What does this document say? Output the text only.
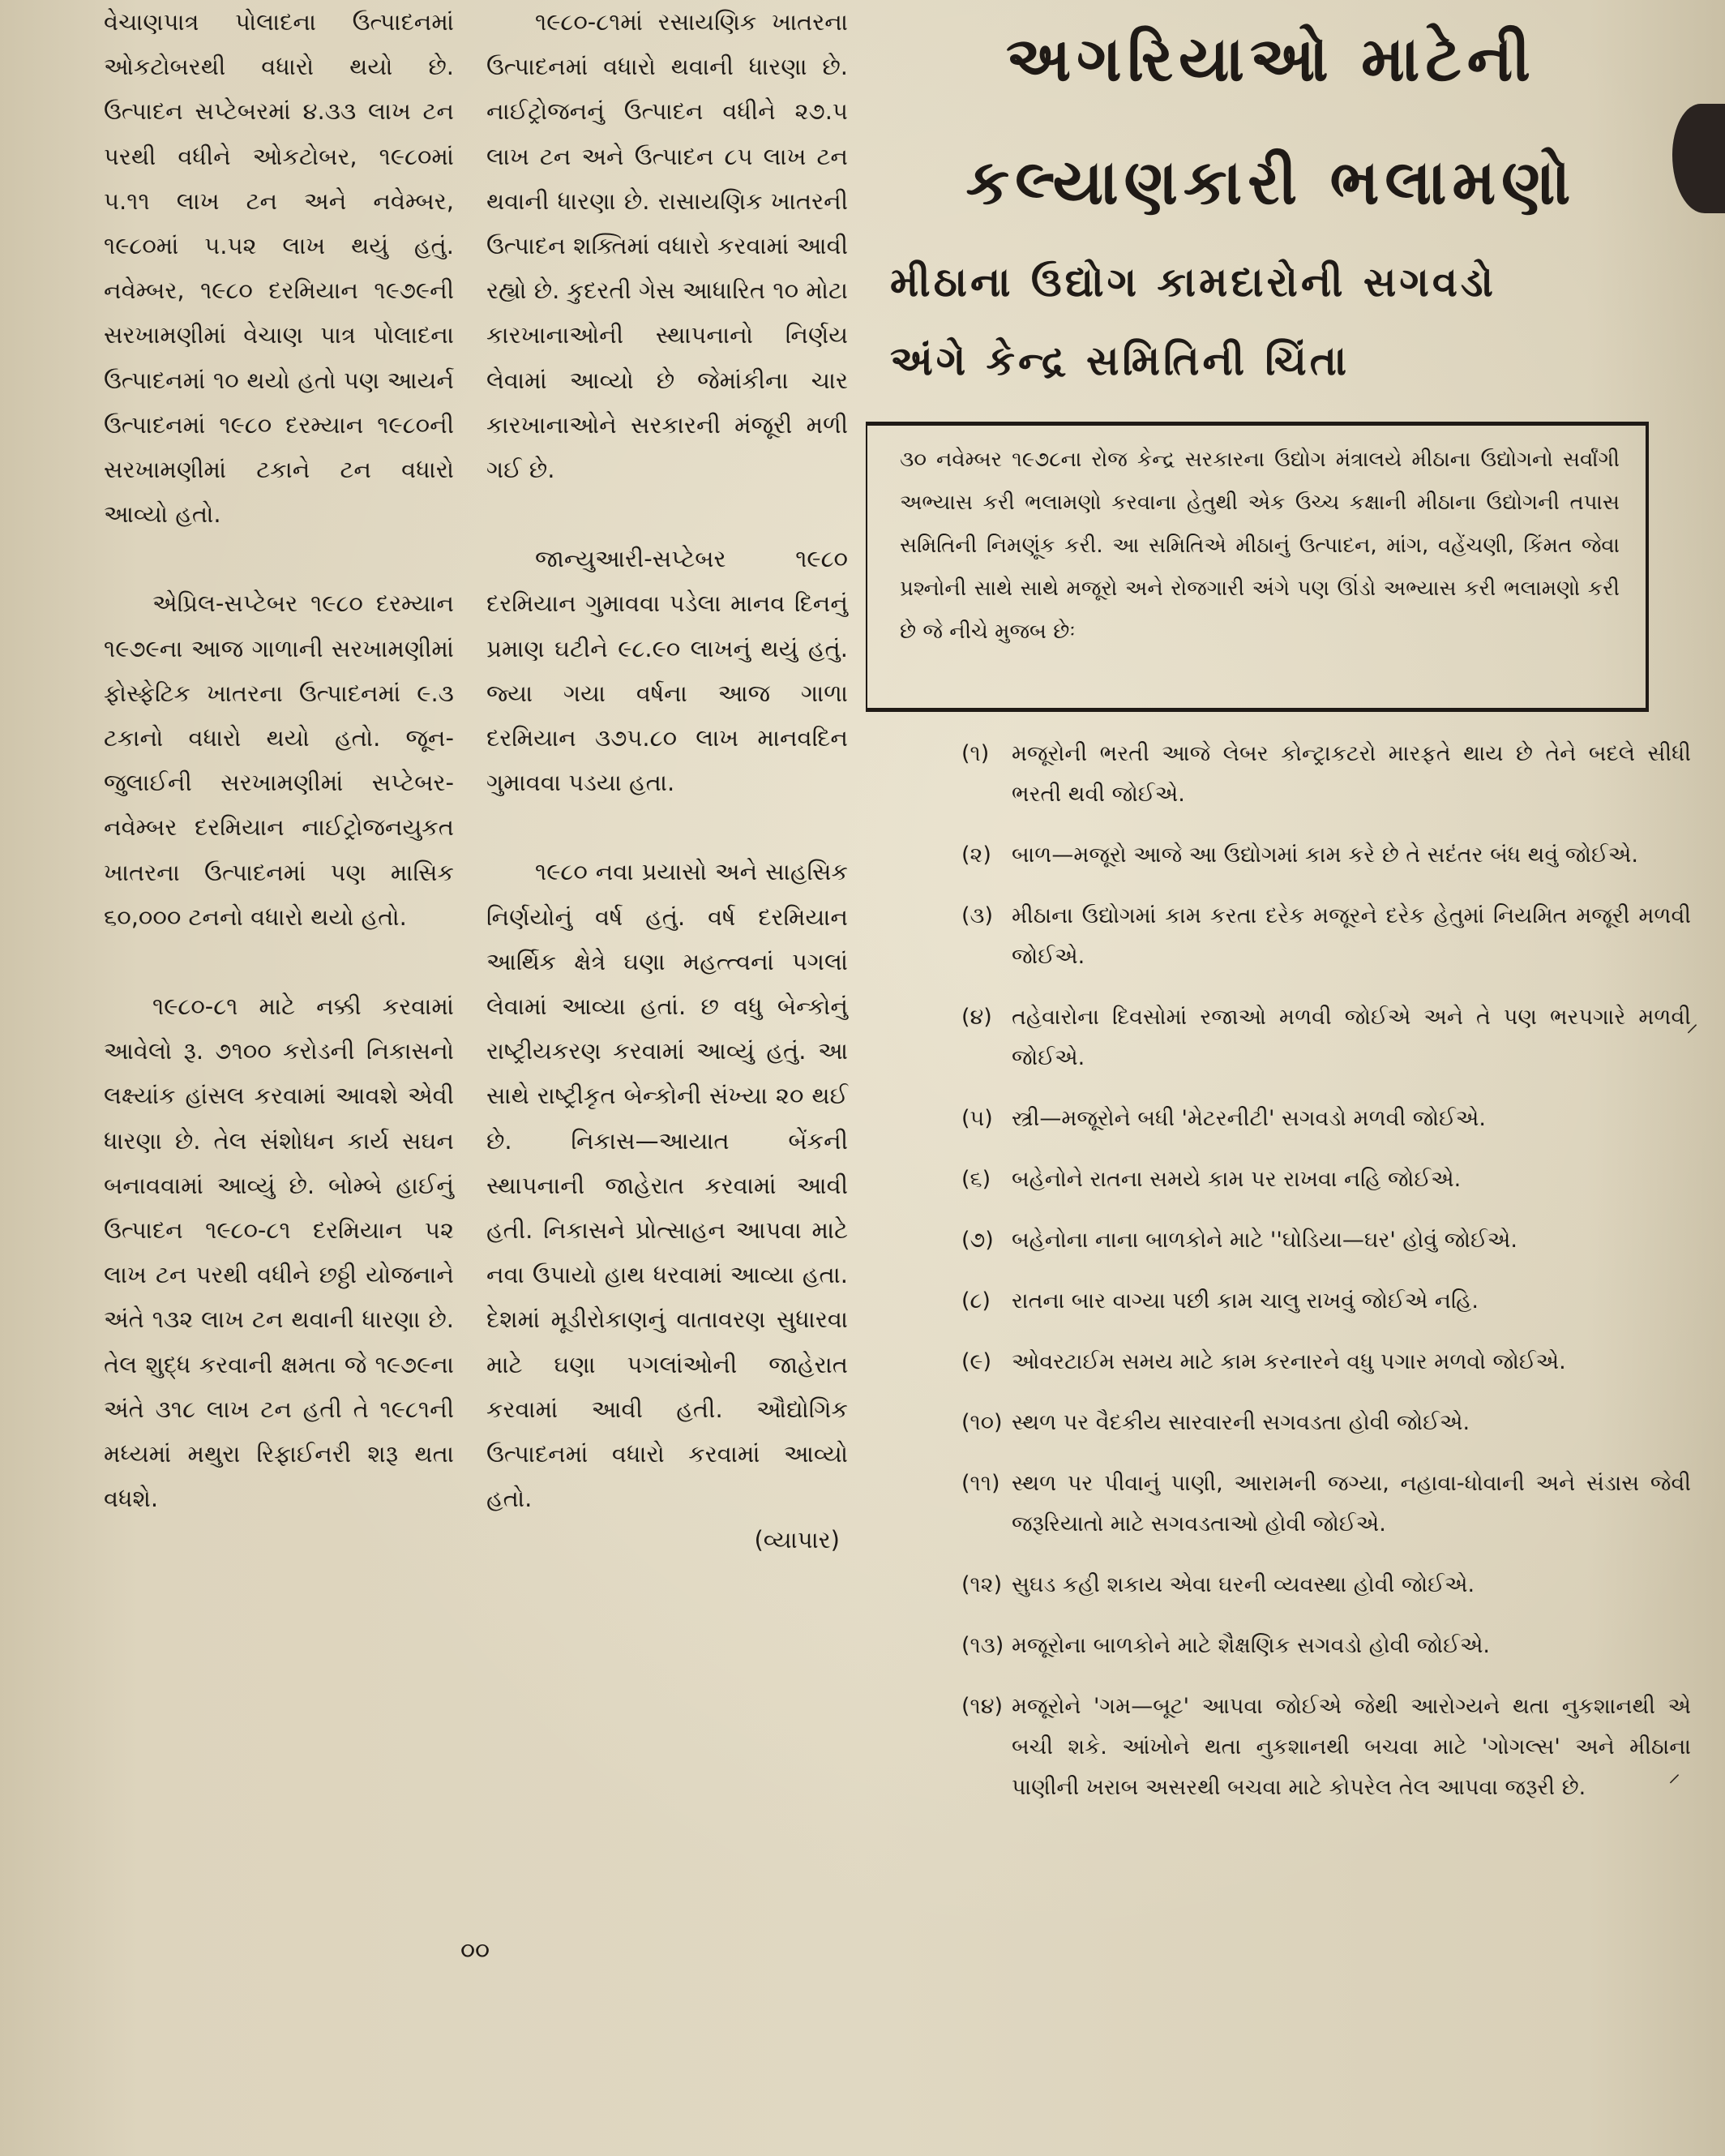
વેચાણપાત્ર પોલાદના ઉત્પાદનમાં ઓકટોબરથી વધારો થયો છે. ઉત્પાદન સપ્ટેબરમાં ૪.૩૩ લાખ ટન પરથી વધીને ઓકટોબર, ૧૯૮૦માં ૫.૧૧ લાખ ટન અને નવેમ્બર, ૧૯૮૦માં ૫.૫૨ લાખ થયું હતું. નવેમ્બર, ૧૯૮૦ દરમિયાન ૧૯૭૯ની સરખામણીમાં વેચાણ પાત્ર પોલાદના ઉત્પાદનમાં ૧૦ થયો હતો પણ આયર્ન ઉત્પાદનમાં ૧૯૮૦ દરમ્યાન ૧૯૮૦ની સરખામણીમાં ટકાને ટન વધારો આવ્યો હતો.

એપ્રિલ-સપ્ટેબર ૧૯૮૦ દરમ્યાન ૧૯૭૯ના આજ ગાળાની સરખામણીમાં ફોસ્ફેટિક ખાતરના ઉત્પાદનમાં ૯.૩ ટકાનો વધારો થયો હતો. જૂન-જુલાઈની સરખામણીમાં સપ્ટેબર-નવેમ્બર દરમિયાન નાઈટ્રોજનયુકત ખાતરના ઉત્પાદનમાં પણ માસિક ૬૦,૦૦૦ ટનનો વધારો થયો હતો.

૧૯૮૦-૮૧ માટે નક્કી કરવામાં આવેલો રૂ. ૭૧૦૦ કરોડની નિકાસનો લક્ષ્યાંક હાંસલ કરવામાં આવશે એવી ધારણા છે. તેલ સંશોધન કાર્ય સઘન બનાવવામાં આવ્યું છે. બોમ્બે હાઈનું ઉત્પાદન ૧૯૮૦-૮૧ દરમિયાન ૫૨ લાખ ટન પરથી વધીને છઠ્ઠી યોજનાને અંતે ૧૩૨ લાખ ટન થવાની ધારણા છે. તેલ શુદ્ધ કરવાની ક્ષમતા જે ૧૯૭૯ના અંતે ૩૧૮ લાખ ટન હતી તે ૧૯૮૧ની મધ્યમાં મથુરા રિફાઈનરી શરૂ થતા વધશે.

૧૯૮૦-૮૧માં રસાયણિક ખાતરના ઉત્પાદનમાં વધારો થવાની ધારણા છે. નાઈટ્રોજનનું ઉત્પાદન વધીને ૨૭.૫ લાખ ટન અને ઉત્પાદન ૮૫ લાખ ટન થવાની ધારણા છે. રાસાયણિક ખાતરની ઉત્પાદન શક્તિમાં વધારો કરવામાં આવી રહ્યો છે. કુદરતી ગેસ આધારિત ૧૦ મોટા કારખાનાઓની સ્થાપનાનો નિર્ણય લેવામાં આવ્યો છે જેમાંકીના ચાર કારખાનાઓને સરકારની મંજૂરી મળી ગઈ છે.

જાન્યુઆરી-સપ્ટેબર ૧૯૮૦ દરમિયાન ગુમાવવા પડેલા માનવ દિનનું પ્રમાણ ઘટીને ૯૮.૯૦ લાખનું થયું હતું. જ્યા ગયા વર્ષના આજ ગાળા દરમિયાન ૩૭૫.૮૦ લાખ માનવદિન ગુમાવવા પડયા હતા.

૧૯૮૦ નવા પ્રયાસો અને સાહસિક નિર્ણયોનું વર્ષ હતું. વર્ષ દરમિયાન આર્થિક ક્ષેત્રે ઘણા મહત્ત્વનાં પગલાં લેવામાં આવ્યા હતાં. છ વધુ બેન્કોનું રાષ્ટ્રીયકરણ કરવામાં આવ્યું હતું. આ સાથે રાષ્ટ્રીકૃત બેન્કોની સંખ્યા ૨૦ થઈ છે. નિકાસ—આયાત બેંકની સ્થાપનાની જાહેરાત કરવામાં આવી હતી. નિકાસને પ્રોત્સાહન આપવા માટે નવા ઉપાયો હાથ ધરવામાં આવ્યા હતા. દેશમાં મૂડીરોકાણનું વાતાવરણ સુધારવા માટે ઘણા પગલાંઓની જાહેરાત કરવામાં આવી હતી. ઔદ્યોગિક ઉત્પાદનમાં વધારો કરવામાં આવ્યો હતો.

(વ્યાપાર)
૦૦
અગરિયાઓ માટેની
કલ્યાણકારી ભલામણો
મીઠાના ઉદ્યોગ કામદારોની સગવડો
અંગે કેન્દ્ર સમિતિની ચિંતા
૩૦ નવેમ્બર ૧૯૭૮ના રોજ કેન્દ્ર સરકારના ઉદ્યોગ મંત્રાલયે મીઠાના ઉદ્યોગનો સર્વાંગી અભ્યાસ કરી ભલામણો કરવાના હેતુથી એક ઉચ્ચ કક્ષાની મીઠાના ઉદ્યોગની તપાસ સમિતિની નિમણૂંક કરી. આ સમિતિએ મીઠાનું ઉત્પાદન, માંગ, વહેંચણી, કિંમત જેવા પ્રશ્નોની સાથે સાથે મજૂરો અને રોજગારી અંગે પણ ઊંડો અભ્યાસ કરી ભલામણો કરી છે જે નીચે મુજબ છેઃ
(૧)	મજૂરોની ભરતી આજે લેબર કોન્ટ્રાકટરો મારફતે થાય છે તેને બદલે સીધી ભરતી થવી જોઈએ.
(૨) બાળ—મજૂરો આજે આ ઉદ્યોગમાં કામ કરે છે તે સદંતર બંધ થવું જોઈએ.
(૩) મીઠાના ઉદ્યોગમાં કામ કરતા દરેક મજૂરને દરેક હેતુમાં નિયમિત મજૂરી મળવી જોઈએ.
(૪) તહેવારોના દિવસોમાં રજાઓ મળવી જોઈએ અને તે પણ ભરપગારે મળવી જોઈએ.
(૫) સ્ત્રી—મજૂરોને બધી 'મેટરનીટી' સગવડો મળવી જોઈએ.
(૬) બહેનોને રાતના સમયે કામ પર રાખવા નહિ જોઈએ.
(૭) બહેનોના નાના બાળકોને માટે ''ઘોડિયા—ઘર' હોવું જોઈએ.
(૮) રાતના બાર વાગ્યા પછી કામ ચાલુ રાખવું જોઈએ નહિ.
(૯) ઓવરટાઈમ સમય માટે કામ કરનારને વધુ પગાર મળવો જોઈએ.
(૧૦) સ્થળ પર વૈદકીય સારવારની સગવડતા હોવી જોઈએ.
(૧૧) સ્થળ પર પીવાનું પાણી, આરામની જગ્યા, નહાવા-ધોવાની અને સંડાસ જેવી જરૂરિયાતો માટે સગવડતાઓ હોવી જોઈએ.
(૧૨) સુઘડ કહી શકાય એવા ઘરની વ્યવસ્થા હોવી જોઈએ.
(૧૩) મજૂરોના બાળકોને માટે શૈક્ષણિક સગવડો હોવી જોઈએ.
(૧૪) મજૂરોને 'ગમ—બૂટ' આપવા જોઈએ જેથી આરોગ્યને થતા નુકશાનથી એ બચી શકે. આંખોને થતા નુકશાનથી બચવા માટે 'ગોગલ્સ' અને મીઠાના પાણીની ખરાબ અસરથી બચવા માટે કોપરેલ તેલ આપવા જરૂરી છે.
⸝
⸝
